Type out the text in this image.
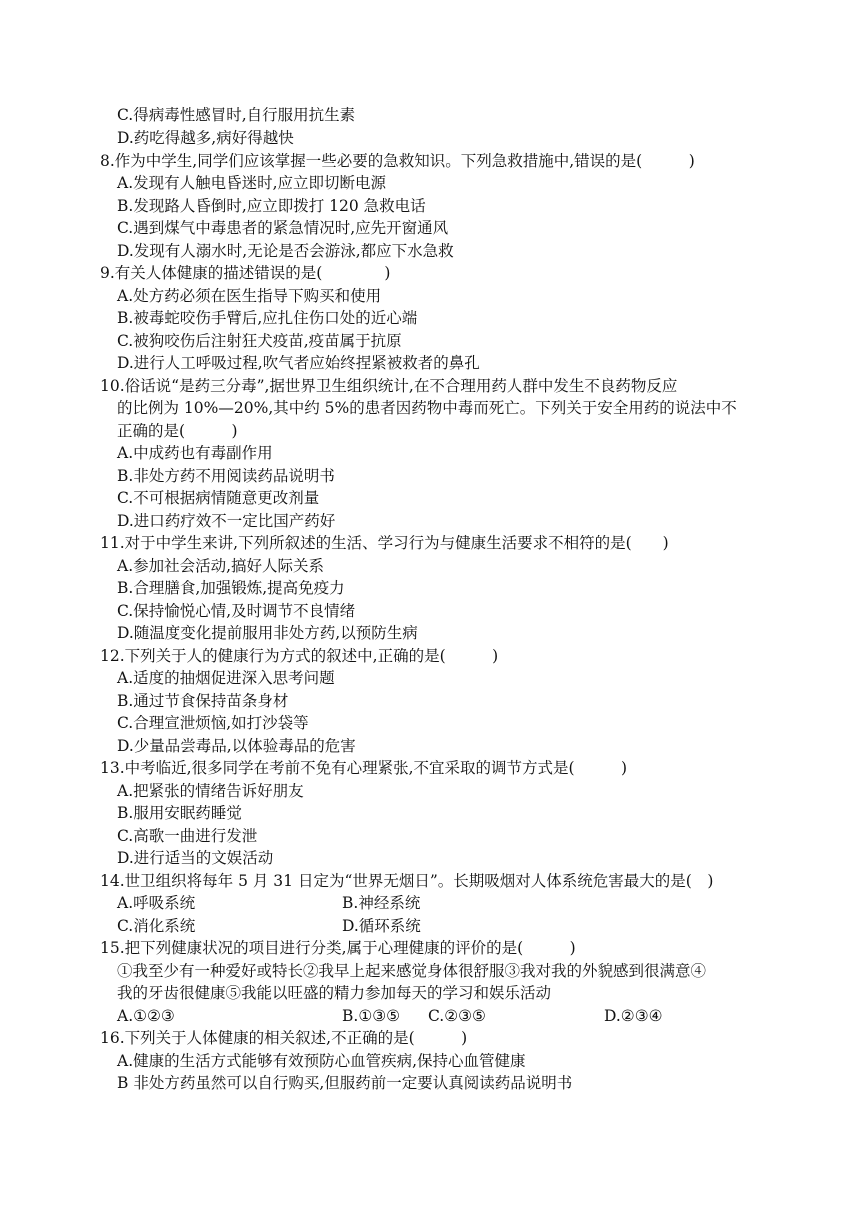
C.得病毒性感冒时,自行服用抗生素
D.药吃得越多,病好得越快
8.作为中学生,同学们应该掌握一些必要的急救知识。下列急救措施中,错误的是(　　　)
A.发现有人触电昏迷时,应立即切断电源
B.发现路人昏倒时,应立即拨打 120 急救电话
C.遇到煤气中毒患者的紧急情况时,应先开窗通风
D.发现有人溺水时,无论是否会游泳,都应下水急救
9.有关人体健康的描述错误的是(　　　　)
A.处方药必须在医生指导下购买和使用
B.被毒蛇咬伤手臂后,应扎住伤口处的近心端
C.被狗咬伤后注射狂犬疫苗,疫苗属于抗原
D.进行人工呼吸过程,吹气者应始终捏紧被救者的鼻孔
10.俗话说“是药三分毒”,据世界卫生组织统计,在不合理用药人群中发生不良药物反应
的比例为 10%—20%,其中约 5%的患者因药物中毒而死亡。下列关于安全用药的说法中不
正确的是(　　　)
A.中成药也有毒副作用
B.非处方药不用阅读药品说明书
C.不可根据病情随意更改剂量
D.进口药疗效不一定比国产药好
11.对于中学生来讲,下列所叙述的生活、学习行为与健康生活要求不相符的是(　　)
A.参加社会活动,搞好人际关系
B.合理膳食,加强锻炼,提高免疫力
C.保持愉悦心情,及时调节不良情绪
D.随温度变化提前服用非处方药,以预防生病
12.下列关于人的健康行为方式的叙述中,正确的是(　　　)
A.适度的抽烟促进深入思考问题
B.通过节食保持苗条身材
C.合理宣泄烦恼,如打沙袋等
D.少量品尝毒品,以体验毒品的危害
13.中考临近,很多同学在考前不免有心理紧张,不宜采取的调节方式是(　　　)
A.把紧张的情绪告诉好朋友
B.服用安眠药睡觉
C.高歌一曲进行发泄
D.进行适当的文娱活动
14.世卫组织将每年 5 月 31 日定为“世界无烟日”。长期吸烟对人体系统危害最大的是(　)
A.呼吸系统	B.神经系统
C.消化系统	D.循环系统
15.把下列健康状况的项目进行分类,属于心理健康的评价的是(　　　)
①我至少有一种爱好或特长②我早上起来感觉身体很舒服③我对我的外貌感到很满意④
我的牙齿很健康⑤我能以旺盛的精力参加每天的学习和娱乐活动
A.①②③	B.①③⑤ C.②③⑤	D.②③④
16.下列关于人体健康的相关叙述,不正确的是(　　　)
A.健康的生活方式能够有效预防心血管疾病,保持心血管健康
B 非处方药虽然可以自行购买,但服药前一定要认真阅读药品说明书
